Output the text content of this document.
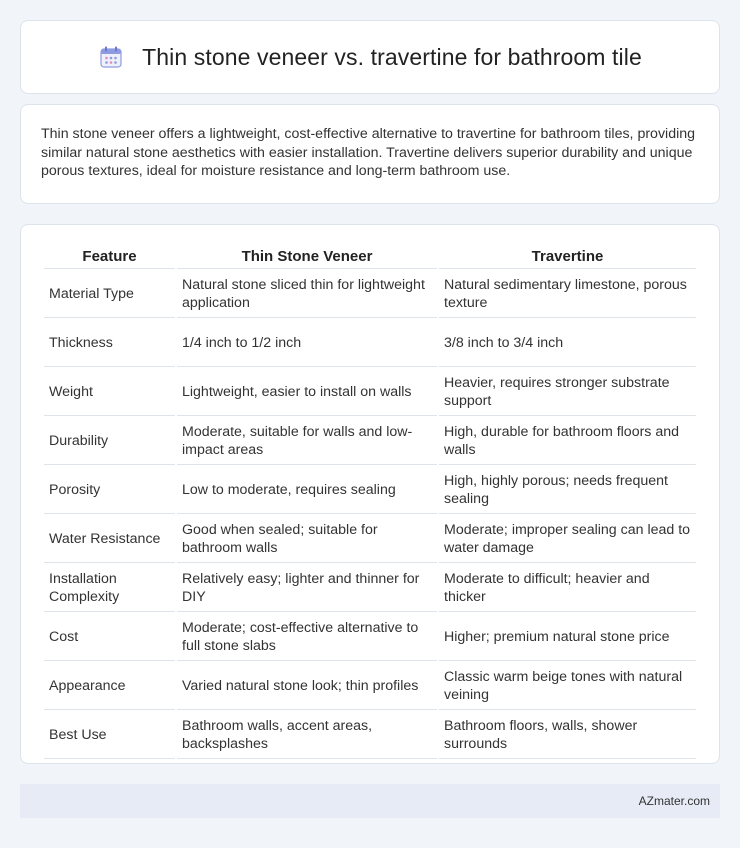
Thin stone veneer vs. travertine for bathroom tile

Thin stone veneer offers a lightweight, cost-effective alternative to travertine for bathroom tiles, providing similar natural stone aesthetics with easier installation. Travertine delivers superior durability and unique porous textures, ideal for moisture resistance and long-term bathroom use.

Feature	Thin Stone Veneer	Travertine
Material Type	Natural stone sliced thin for lightweight application	Natural sedimentary limestone, porous texture
Thickness	1/4 inch to 1/2 inch	3/8 inch to 3/4 inch
Weight	Lightweight, easier to install on walls	Heavier, requires stronger substrate support
Durability	Moderate, suitable for walls and low-impact areas	High, durable for bathroom floors and walls
Porosity	Low to moderate, requires sealing	High, highly porous; needs frequent sealing
Water Resistance	Good when sealed; suitable for bathroom walls	Moderate; improper sealing can lead to water damage
Installation Complexity	Relatively easy; lighter and thinner for DIY	Moderate to difficult; heavier and thicker
Cost	Moderate; cost-effective alternative to full stone slabs	Higher; premium natural stone price
Appearance	Varied natural stone look; thin profiles	Classic warm beige tones with natural veining
Best Use	Bathroom walls, accent areas, backsplashes	Bathroom floors, walls, shower surrounds
AZmater.com
